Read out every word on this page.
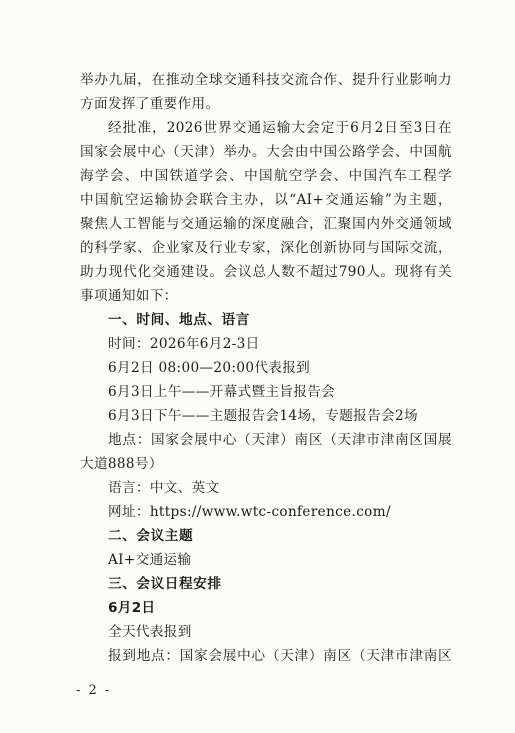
举办九届，在推动全球交通科技交流合作、提升行业影响力
方面发挥了重要作用。
经批准，2026世界交通运输大会定于6月2日至3日在
国家会展中心（天津）举办。大会由中国公路学会、中国航
海学会、中国铁道学会、中国航空学会、中国汽车工程学
中国航空运输协会联合主办，以“AI+交通运输”为主题，
聚焦人工智能与交通运输的深度融合，汇聚国内外交通领域
的科学家、企业家及行业专家，深化创新协同与国际交流，
助力现代化交通建设。会议总人数不超过790人。现将有关
事项通知如下：
一、时间、地点、语言
时间：2026年6月2-3日
6月2日 08:00—20:00代表报到
6月3日上午——开幕式暨主旨报告会
6月3日下午——主题报告会14场，专题报告会2场
地点：国家会展中心（天津）南区（天津市津南区国展
大道888号）
语言：中文、英文
网址：https://www.wtc-conference.com/
二、会议主题
AI+交通运输
三、会议日程安排
6月2日
全天代表报到
报到地点：国家会展中心（天津）南区（天津市津南区
- 2 -
